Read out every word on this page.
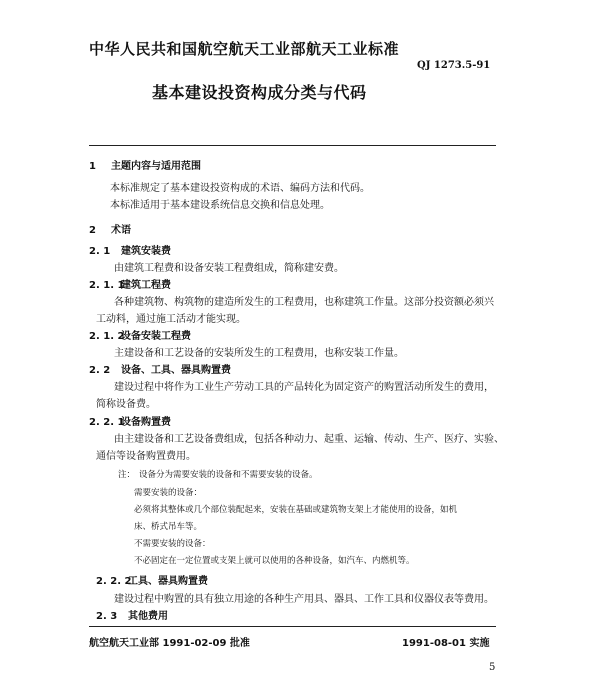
中华人民共和国航空航天工业部航天工业标准
QJ 1273.5-91
基本建设投资构成分类与代码
1 主题内容与适用范围
本标准规定了基本建设投资构成的术语、编码方法和代码。
本标准适用于基本建设系统信息交换和信息处理。
2 术语
2. 1 建筑安装费
由建筑工程费和设备安装工程费组成，简称建安费。
2. 1. 1建筑工程费
各种建筑物、构筑物的建造所发生的工程费用，也称建筑工作量。这部分投资额必须兴
工动料，通过施工活动才能实现。
2. 1. 2设备安装工程费
主建设备和工艺设备的安装所发生的工程费用，也称安装工作量。
2. 2 设备、工具、器具购置费
建设过程中将作为工业生产劳动工具的产品转化为固定资产的购置活动所发生的费用，
简称设备费。
2. 2. 1设备购置费
由主建设备和工艺设备费组成，包括各种动力、起重、运输、传动、生产、医疗、实验、
通信等设备购置费用。
注： 设备分为需要安装的设备和不需要安装的设备。
需要安装的设备：
必须将其整体或几个部位装配起来，安装在基础或建筑物支架上才能使用的设备，如机
床、桥式吊车等。
不需要安装的设备：
不必固定在一定位置或支架上就可以使用的各种设备，如汽车、内燃机等。
2. 2. 2工具、器具购置费
建设过程中购置的具有独立用途的各种生产用具、器具、工作工具和仪器仪表等费用。
2. 3 其他费用
航空航天工业部 1991-02-09 批准	1991-08-01 实施
5
